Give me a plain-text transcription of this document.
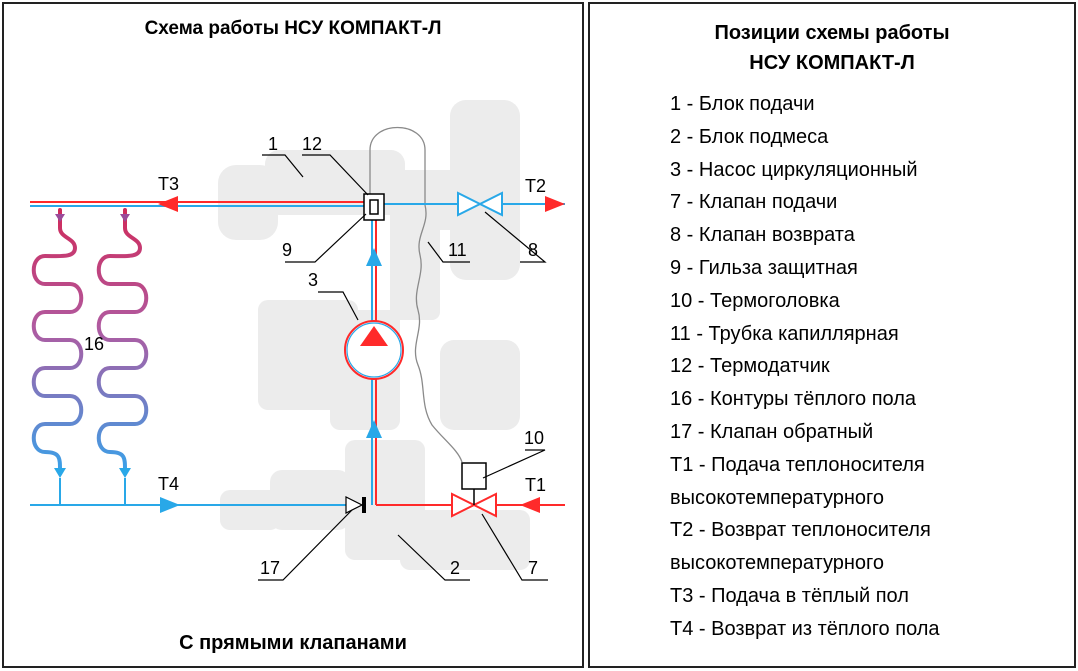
Схема работы НСУ КОМПАКТ-Л
С прямыми клапанами
Позиции схемы работы
НСУ КОМПАКТ-Л
1 - Блок подачи
2 - Блок подмеса
3 - Насос циркуляционный
7 - Клапан подачи
8 - Клапан возврата
9 - Гильза защитная
10 - Термоголовка
11 - Трубка капиллярная
12 - Термодатчик
16 - Контуры тёплого пола
17 - Клапан обратный
Т1 - Подача теплоносителя
высокотемпературного
Т2 - Возврат теплоносителя
высокотемпературного
Т3 - Подача в тёплый пол
Т4 - Возврат из тёплого пола
1 12
3
9	11	8
16
10
17	2	7
Т3	Т2
Т4	Т1
